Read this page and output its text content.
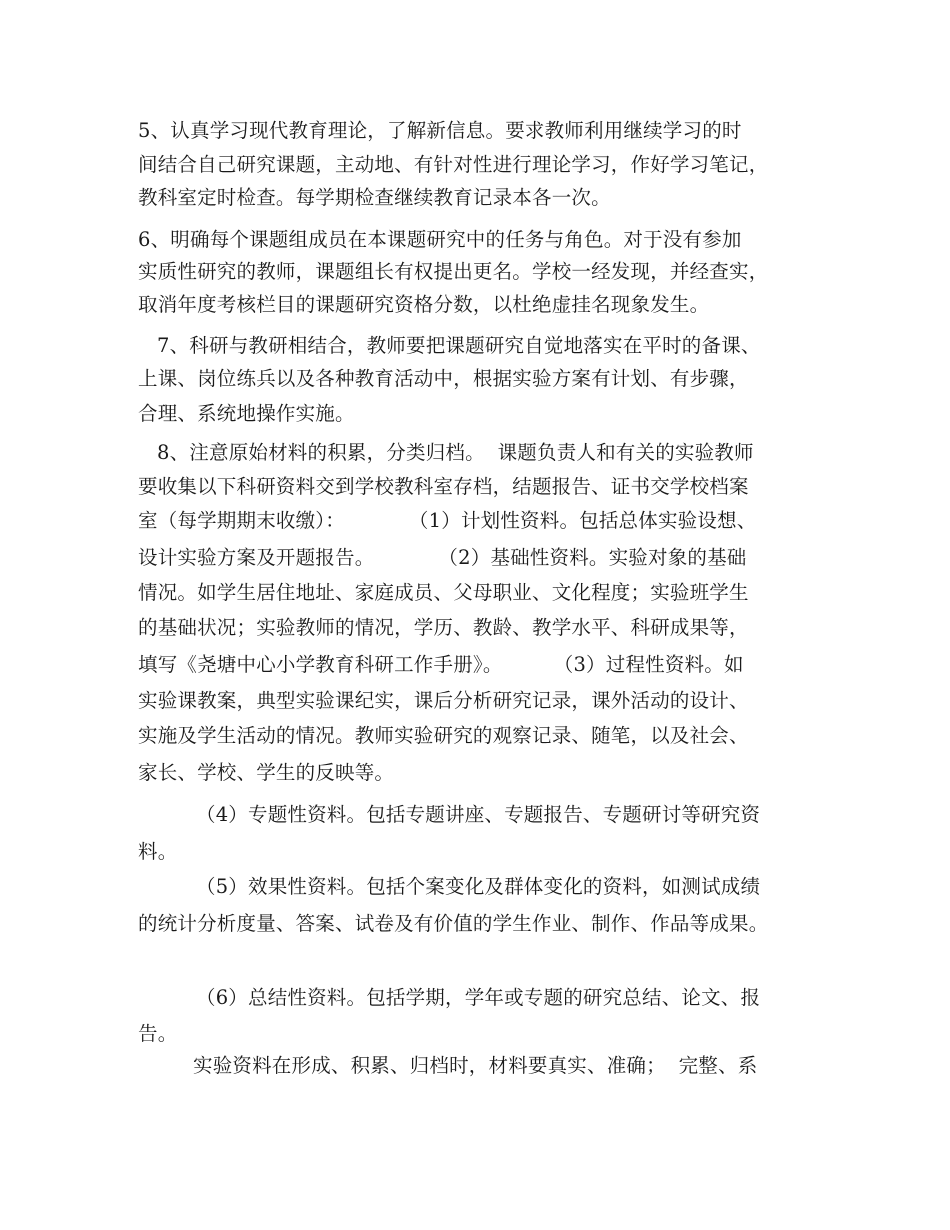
5、认真学习现代教育理论，了解新信息。要求教师利用继续学习的时
间结合自己研究课题，主动地、有针对性进行理论学习，作好学习笔记，
教科室定时检查。每学期检查继续教育记录本各一次。
6、明确每个课题组成员在本课题研究中的任务与角色。对于没有参加
实质性研究的教师，课题组长有权提出更名。学校一经发现，并经查实，
取消年度考核栏目的课题研究资格分数，以杜绝虚挂名现象发生。
7、科研与教研相结合，教师要把课题研究自觉地落实在平时的备课、
上课、岗位练兵以及各种教育活动中，根据实验方案有计划、有步骤，
合理、系统地操作实施。
8、注意原始材料的积累，分类归档。  课题负责人和有关的实验教师
要收集以下科研资料交到学校教科室存档，结题报告、证书交学校档案
室（每学期期末收缴）：          （1）计划性资料。包括总体实验设想、
设计实验方案及开题报告。          （2）基础性资料。实验对象的基础
情况。如学生居住地址、家庭成员、父母职业、文化程度；实验班学生
的基础状况；实验教师的情况，学历、教龄、教学水平、科研成果等，
填写《尧塘中心小学教育科研工作手册》。        （3）过程性资料。如
实验课教案，典型实验课纪实，课后分析研究记录，课外活动的设计、
实施及学生活动的情况。教师实验研究的观察记录、随笔，以及社会、
家长、学校、学生的反映等。
（4）专题性资料。包括专题讲座、专题报告、专题研讨等研究资
料。
（5）效果性资料。包括个案变化及群体变化的资料，如测试成绩
的统计分析度量、答案、试卷及有价值的学生作业、制作、作品等成果。
（6）总结性资料。包括学期，学年或专题的研究总结、论文、报
告。
实验资料在形成、积累、归档时，材料要真实、准确；  完整、系
